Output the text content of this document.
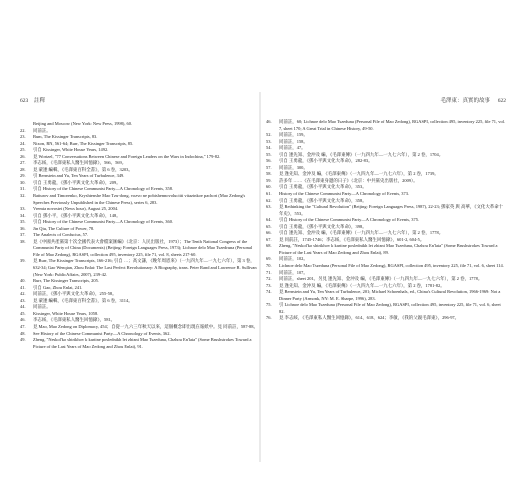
623 註釋
Beijing and Moscow (New York: New Press, 1998), 60.
22.	同前註。
23.	Bum, The Kissinger Transcripts, 83.
24.	Nixon, RN, 561-64; Burr, The Kissinger Transcripts, 85.
25.	引自 Kissinger, White House Years, 1492.
26.	見 Wortzel, "77 Conversations Between Chinese and Foreign Leaders on the Wars in Indochina," 179-82.
27.	李志綏，《毛澤東私人醫生回憶錄》，566、569。
28.	見 蒙逢 編輯，《毛澤東百科全書》，第 6 卷，3203。
29.	引 Bernstein and Yu, Ten Years of Turbulence, 349.
30.	引自 王勇龍，《鄧小平與文化大革命》，209。
31.	引自 History of the Chinese Communist Party—A Chronology of Events, 358.
32.	Batturov and Timorenko, Kryshtenshe Mao Tzu-dong, vozvo ne pobishennovolucitti vitazinkoe pachori (Mao Zedong's Speeches Previously Unpublished in the Chinese Press), series 6, 283.
33.	Vremia novostei (News hour), August 25, 2004.
34.	引自 鄧小平，《鄧小平與文化大革命》，148。
35.	引自 History of the Chinese Communist Party—A Chronology of Events, 360.
36.	Jin Qiu, The Culture of Power, 78.
37.	The Analects of Confucius, 57.
38.	見《中國共產黨第十次全國代表大會檔案匯編》（北京：人民出版社，1973）；The Tenth National Congress of the Communist Party of China (Documents) (Beijing: Foreign Languages Press, 1973); Lichnoe delo Mao Tszedruna (Personal File of Mao Zedong), RGASPI, collection 495, inventory 225, file 71, vol. 8, sheets 217-60.
39.	見 Burr, The Kissinger Transcripts, 166-216; 引自 …；高文謙，《晚年周恩來》（一九四九年—一九七六年），第 3 卷，632-34; Gao Wenqian, Zhou Enlai: The Last Perfect Revolutionary: A Biography, trans. Peter Rand and Lawrence R. Sullivan (New York: PublicAffairs, 2007), 239-42.
40.	Burr, The Kissinger Transcripts, 205.
41.	引自 Gao, Zhou Enlai, 241.
42.	同前註，《鄧小平與文化大革命》，255-58。
43.	見 蒙逢 編輯，《毛澤東百科全書》，第 6 卷，3114。
44.	同前註。
45.	Kissinger, White House Years, 1058.
46.	李志綏，《毛澤東私人醫生回憶錄》，581。
47.	見 Mao, Mao Zedong on Diplomacy, 454；自從一九六三年秋天以來，這個概念即出現在報紙中。見 同前註，587-88。
48.	See History of the Chinese Communist Party—A Chronology of Events, 362.
49.	Zheng, "Neskol'ko shtrikhov k kartine poslednikh let zhizni Mao Tszeduna, Chzhou En'laia" (Some Brushstrokes Toward a Picture of the Last Years of Mao Zedong and Zhou Enlai), 91.
毛澤東：真實的故事 622
46.	同前註，60; Lichnoe delo Mao Tszeduna (Personal File of Mao Zedong), RGASPI, collection 495, inventory 225, file 71, vol. 7, sheet 170; A Great Trial in Chinese History, 49-50.
52.	同前註，159。
53.	同前註，158。
54.	同前註，47。
55.	引自 逢先知、金沖及 編，《毛澤東傳》（一九四九年—一九七六年），第 2 卷，1704。
56.	引自 王勇龍，《鄧小平與文化大革命》，282-83。
57.	同前註，300。
58.	見 逢先知、金沖及 編，《毛澤東傳》（一九四九年—一九七六年），第 2 卷，1739。
59.	許多年 ……《在毛澤東身邊的日子》（北京：中共黨史出版社，2009）。
60.	引自 王勇龍，《鄧小平與文化大革命》，353。
61.	History of the Chinese Communist Party—A Chronology of Events, 373.
62.	引自 王勇龍，《鄧小平與文化大革命》，358。
63.	見 Rethinking the "Cultural Revolution" (Beijing: Foreign Languages Press, 1987), 22-23; 鄧家英 與 高華，《文化大革命十年史》，553。
64.	引自 History of the Chinese Communist Party—A Chronology of Events, 375.
65.	引自 王勇龍，《鄧小平與文化大革命》，398。
66.	引自 逢先知、金沖及 編，《毛澤東傳》（一九四九年—一九七六年），第 2 卷，1778。
67.	見 同前註，1745-1746；李志綏，《毛澤東私人醫生回憶錄》，601-2, 604-5。
68.	Zheng, "Neskol'ko shtrikhov k kartine poslednikh let zhizni Mao Tszeduna, Chzhou En'laia" (Some Brushstrokes Toward a Picture of the Last Years of Mao Zedong and Zhou Enlai), 89.
69.	同前註，102。
70.	Lichnoe delo Mao Tszeduna (Personal File of Mao Zedong), RGASPI, collection 495, inventory 225, file 71, vol. 6, sheet 114.
71.	同前註，107。
72.	同前註，sheet 201。另見 逢先知、金沖及 編，《毛澤東傳》（一九四九年—一九七六年），第 2 卷，1778。
73.	見 逢先知、金沖及 編，《毛澤東傳》（一九四九年—一九七六年），第 2 卷，1781-82。
74.	見 Bernstein and Yu, Ten Years of Turbulence, 201; Michael Schoenhals, ed., China's Cultural Revolution, 1966-1969: Not a Dinner Party (Armonk, NY: M. E. Sharpe, 1996), 283.
75.	引 Lichnoe delo Mao Tszeduna (Personal File of Mao Zedong), RGASPI, collection 495, inventory 225, file 71, vol. 6, sheet 82.
76.	見 李志綏，《毛澤東私人醫生回憶錄》，614、618、624；李敏，《我的父親毛澤東》，296-97。
